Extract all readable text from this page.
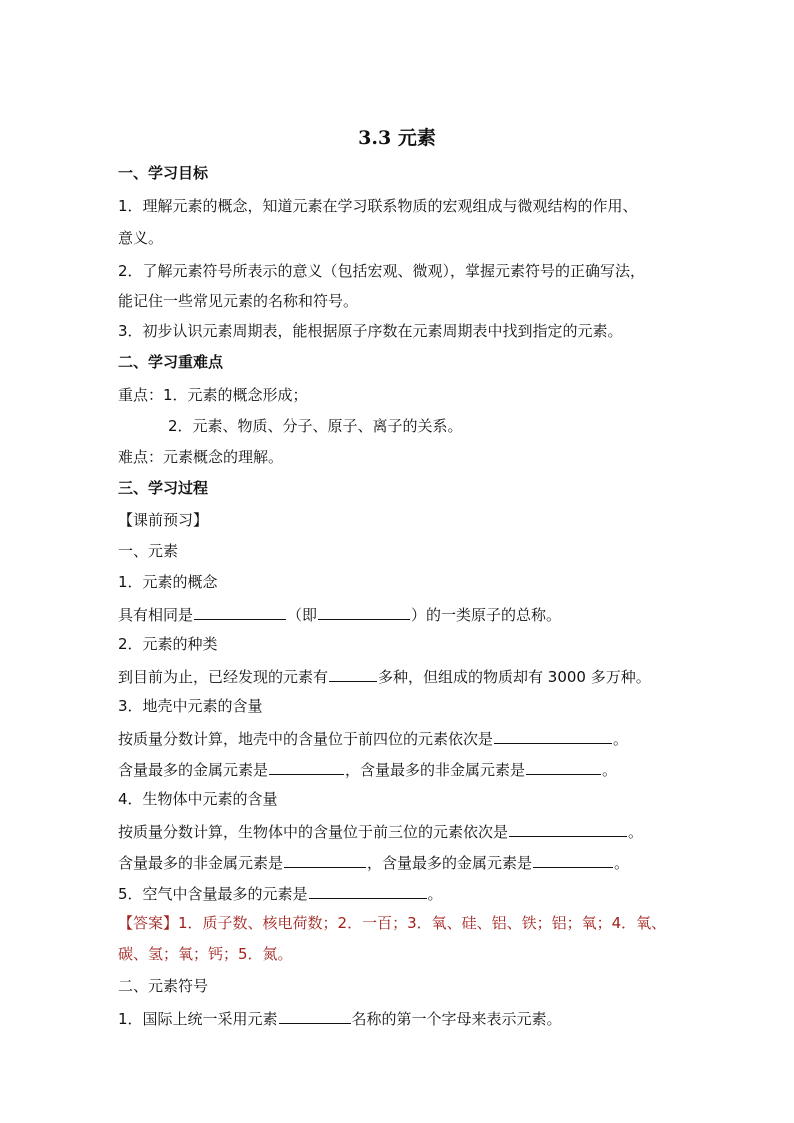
3.3 元素
一、学习目标
1．理解元素的概念，知道元素在学习联系物质的宏观组成与微观结构的作用、
意义。
2．了解元素符号所表示的意义（包括宏观、微观），掌握元素符号的正确写法，
能记住一些常见元素的名称和符号。
3．初步认识元素周期表，能根据原子序数在元素周期表中找到指定的元素。
二、学习重难点
重点：1．元素的概念形成；
2．元素、物质、分子、原子、离子的关系。
难点：元素概念的理解。
三、学习过程
【课前预习】
一、元素
1．元素的概念
具有相同是	（即	）的一类原子的总称。
2．元素的种类
到目前为止，已经发现的元素有	多种，但组成的物质却有 3000 多万种。
3．地壳中元素的含量
按质量分数计算，地壳中的含量位于前四位的元素依次是	。
含量最多的金属元素是	，含量最多的非金属元素是	。
4．生物体中元素的含量
按质量分数计算，生物体中的含量位于前三位的元素依次是	。
含量最多的非金属元素是	，含量最多的金属元素是	。
5．空气中含量最多的元素是	。
【答案】1．质子数、核电荷数；2．一百；3．氧、硅、铝、铁；铝；氧；4．氧、
碳、氢；氧；钙；5．氮。
二、元素符号
1．国际上统一采用元素	名称的第一个字母来表示元素。
